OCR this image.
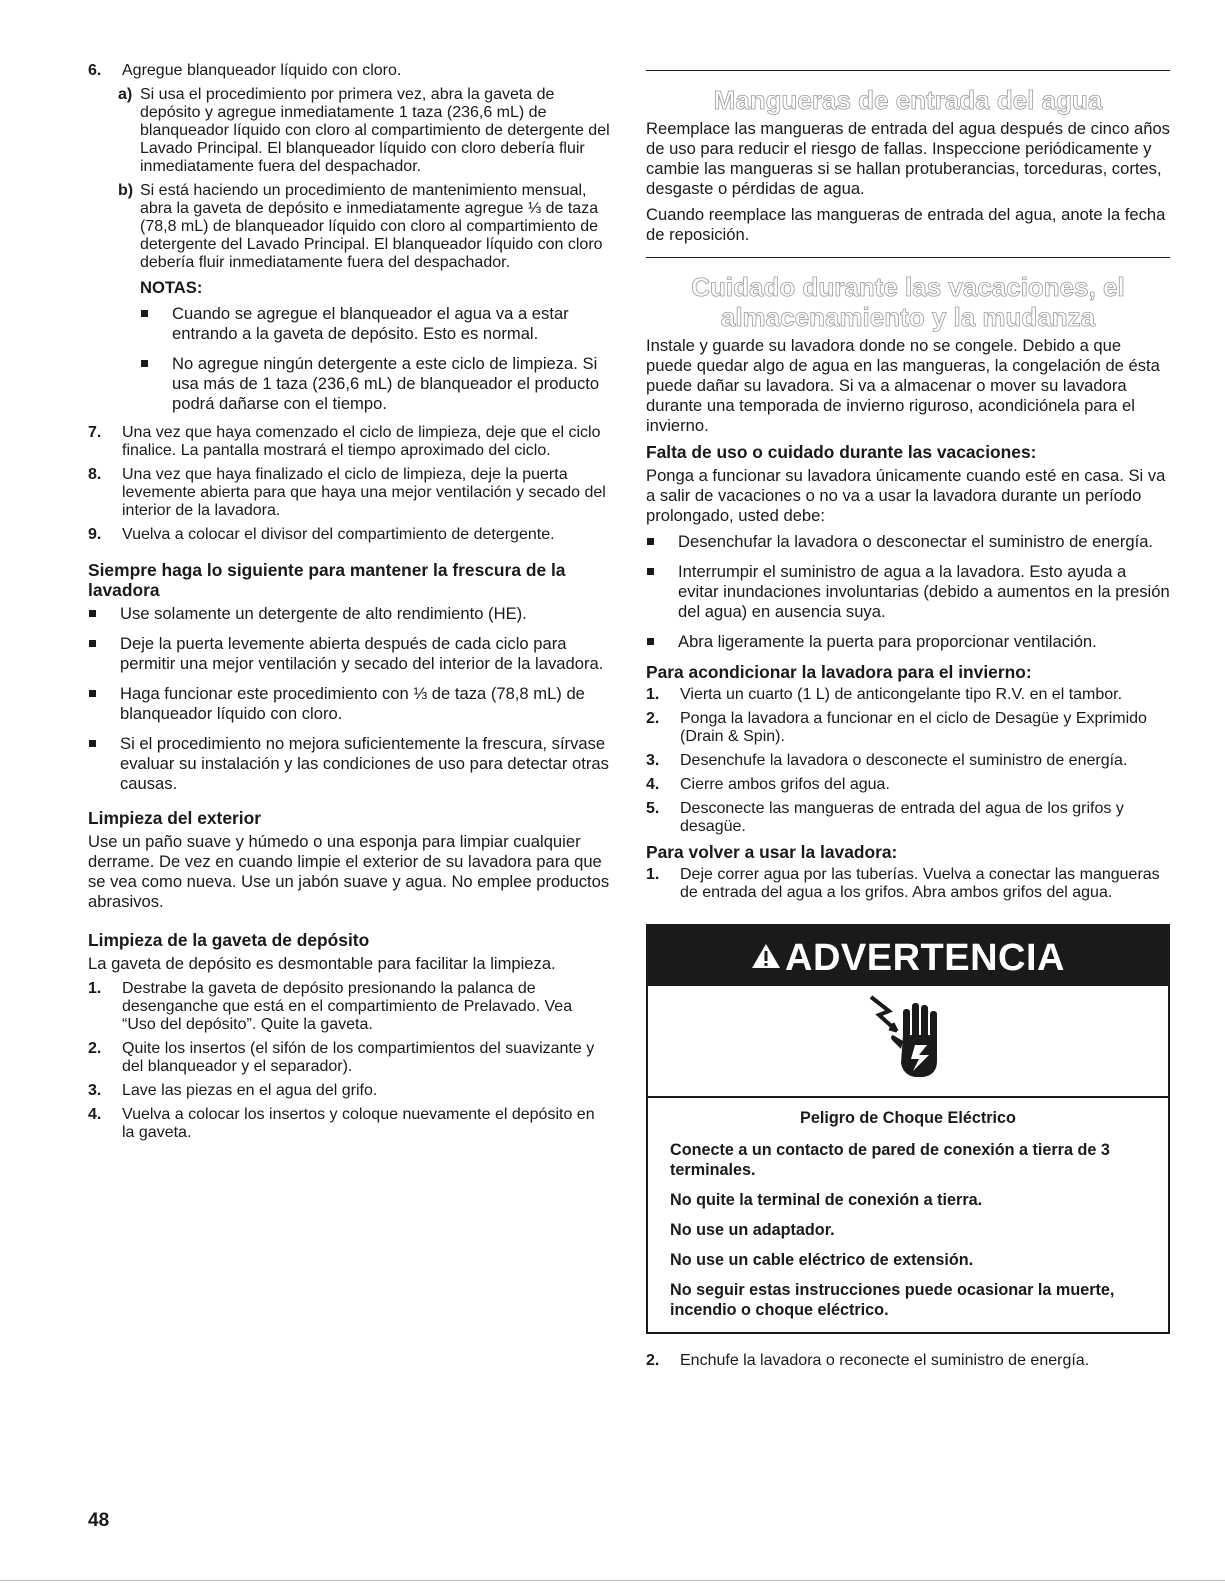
6.	Agregue blanqueador líquido con cloro.
a) Si usa el procedimiento por primera vez, abra la gaveta de depósito y agregue inmediatamente 1 taza (236,6 mL) de blanqueador líquido con cloro al compartimiento de detergente del Lavado Principal. El blanqueador líquido con cloro debería fluir inmediatamente fuera del despachador.
b) Si está haciendo un procedimiento de mantenimiento mensual, abra la gaveta de depósito e inmediatamente agregue ⅓ de taza (78,8 mL) de blanqueador líquido con cloro al compartimiento de detergente del Lavado Principal. El blanqueador líquido con cloro debería fluir inmediatamente fuera del despachador.
NOTAS:
Cuando se agregue el blanqueador el agua va a estar entrando a la gaveta de depósito. Esto es normal.
No agregue ningún detergente a este ciclo de limpieza. Si usa más de 1 taza (236,6 mL) de blanqueador el producto podrá dañarse con el tiempo.
7.	Una vez que haya comenzado el ciclo de limpieza, deje que el ciclo finalice. La pantalla mostrará el tiempo aproximado del ciclo.
8.	Una vez que haya finalizado el ciclo de limpieza, deje la puerta levemente abierta para que haya una mejor ventilación y secado del interior de la lavadora.
9.	Vuelva a colocar el divisor del compartimiento de detergente.
Siempre haga lo siguiente para mantener la frescura de la lavadora
Use solamente un detergente de alto rendimiento (HE).
Deje la puerta levemente abierta después de cada ciclo para permitir una mejor ventilación y secado del interior de la lavadora.
Haga funcionar este procedimiento con ⅓ de taza (78,8 mL) de blanqueador líquido con cloro.
Si el procedimiento no mejora suficientemente la frescura, sírvase evaluar su instalación y las condiciones de uso para detectar otras causas.
Limpieza del exterior

Use un paño suave y húmedo o una esponja para limpiar cualquier derrame. De vez en cuando limpie el exterior de su lavadora para que se vea como nueva. Use un jabón suave y agua. No emplee productos abrasivos.

Limpieza de la gaveta de depósito

La gaveta de depósito es desmontable para facilitar la limpieza.

1.	Destrabe la gaveta de depósito presionando la palanca de desenganche que está en el compartimiento de Prelavado. Vea “Uso del depósito”. Quite la gaveta.
2.	Quite los insertos (el sifón de los compartimientos del suavizante y del blanqueador y el separador).
3.	Lave las piezas en el agua del grifo.
4.	Vuelva a colocar los insertos y coloque nuevamente el depósito en la gaveta.
Mangueras de entrada del agua

Reemplace las mangueras de entrada del agua después de cinco años de uso para reducir el riesgo de fallas. Inspeccione periódicamente y cambie las mangueras si se hallan protuberancias, torceduras, cortes, desgaste o pérdidas de agua.

Cuando reemplace las mangueras de entrada del agua, anote la fecha de reposición.

Cuidado durante las vacaciones, el
almacenamiento y la mudanza

Instale y guarde su lavadora donde no se congele. Debido a que puede quedar algo de agua en las mangueras, la congelación de ésta puede dañar su lavadora. Si va a almacenar o mover su lavadora durante una temporada de invierno riguroso, acondiciónela para el invierno.

Falta de uso o cuidado durante las vacaciones:

Ponga a funcionar su lavadora únicamente cuando esté en casa. Si va a salir de vacaciones o no va a usar la lavadora durante un período prolongado, usted debe:

Desenchufar la lavadora o desconectar el suministro de energía.
Interrumpir el suministro de agua a la lavadora. Esto ayuda a evitar inundaciones involuntarias (debido a aumentos en la presión del agua) en ausencia suya.
Abra ligeramente la puerta para proporcionar ventilación.
Para acondicionar la lavadora para el invierno:
1.	Vierta un cuarto (1 L) de anticongelante tipo R.V. en el tambor.
2.	Ponga la lavadora a funcionar en el ciclo de Desagüe y Exprimido (Drain & Spin).
3.	Desenchufe la lavadora o desconecte el suministro de energía.
4.	Cierre ambos grifos del agua.
5.	Desconecte las mangueras de entrada del agua de los grifos y desagüe.
Para volver a usar la lavadora:
1.	Deje correr agua por las tuberías. Vuelva a conectar las mangueras de entrada del agua a los grifos. Abra ambos grifos del agua.
ADVERTENCIA

Peligro de Choque Eléctrico

Conecte a un contacto de pared de conexión a tierra de 3 terminales.

No quite la terminal de conexión a tierra.

No use un adaptador.

No use un cable eléctrico de extensión.

No seguir estas instrucciones puede ocasionar la muerte, incendio o choque eléctrico.

2.	Enchufe la lavadora o reconecte el suministro de energía.
48
